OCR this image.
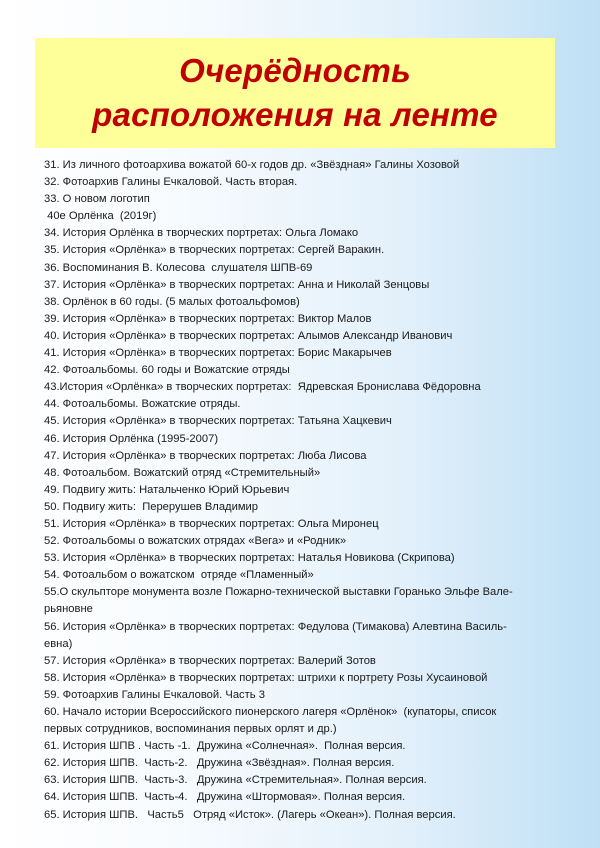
Очерёдность
расположения на ленте
31. Из личного фотоархива вожатой 60-х годов др. «Звёздная» Галины Хозовой
32. Фотоархив Галины Ечкаловой. Часть вторая.
33. О новом логотип
40е Орлёнка  (2019г)
34. История Орлёнка в творческих портретах: Ольга Ломако
35. История «Орлёнка» в творческих портретах: Сергей Варакин.
36. Воспоминания В. Колесова  слушателя ШПВ-69
37. История «Орлёнка» в творческих портретах: Анна и Николай Зенцовы
38. Орлёнок в 60 годы. (5 малых фотоальфомов)
39. История «Орлёнка» в творческих портретах: Виктор Малов
40. История «Орлёнка» в творческих портретах: Алымов Александр Иванович
41. История «Орлёнка» в творческих портретах: Борис Макарычев
42. Фотоальбомы. 60 годы и Вожатские отряды
43.История «Орлёнка» в творческих портретах:  Ядревская Бронислава Фёдоровна
44. Фотоальбомы. Вожатские отряды.
45. История «Орлёнка» в творческих портретах: Татьяна Хацкевич
46. История Орлёнка (1995-2007)
47. История «Орлёнка» в творческих портретах: Люба Лисова
48. Фотоальбом. Вожатский отряд «Стремительный»
49. Подвигу жить: Натальченко Юрий Юрьевич
50. Подвигу жить:  Перерушев Владимир
51. История «Орлёнка» в творческих портретах: Ольга Миронец
52. Фотоальбомы о вожатских отрядах «Вега» и «Родник»
53. История «Орлёнка» в творческих портретах: Наталья Новикова (Скрипова)
54. Фотоальбом о вожатском  отряде «Пламенный»
55.О скульпторе монумента возле Пожарно-технической выставки Горанько Эльфе Вале-
рьяновне
56. История «Орлёнка» в творческих портретах: Федулова (Тимакова) Алевтина Василь-
евна)
57. История «Орлёнка» в творческих портретах: Валерий Зотов
58. История «Орлёнка» в творческих портретах: штрихи к портрету Розы Хусаиновой
59. Фотоархив Галины Ечкаловой. Часть 3
60. Начало истории Всероссийского пионерского лагеря «Орлёнок»  (купаторы, список
первых сотрудников, воспоминания первых орлят и др.)
61. История ШПВ . Часть -1.  Дружина «Солнечная».  Полная версия.
62. История ШПВ.  Часть-2.   Дружина «Звёздная». Полная версия.
63. История ШПВ.  Часть-3.   Дружина «Стремительная». Полная версия.
64. История ШПВ.  Часть-4.   Дружина «Штормовая». Полная версия.
65. История ШПВ.   Часть5   Отряд «Исток». (Лагерь «Океан»). Полная версия.
